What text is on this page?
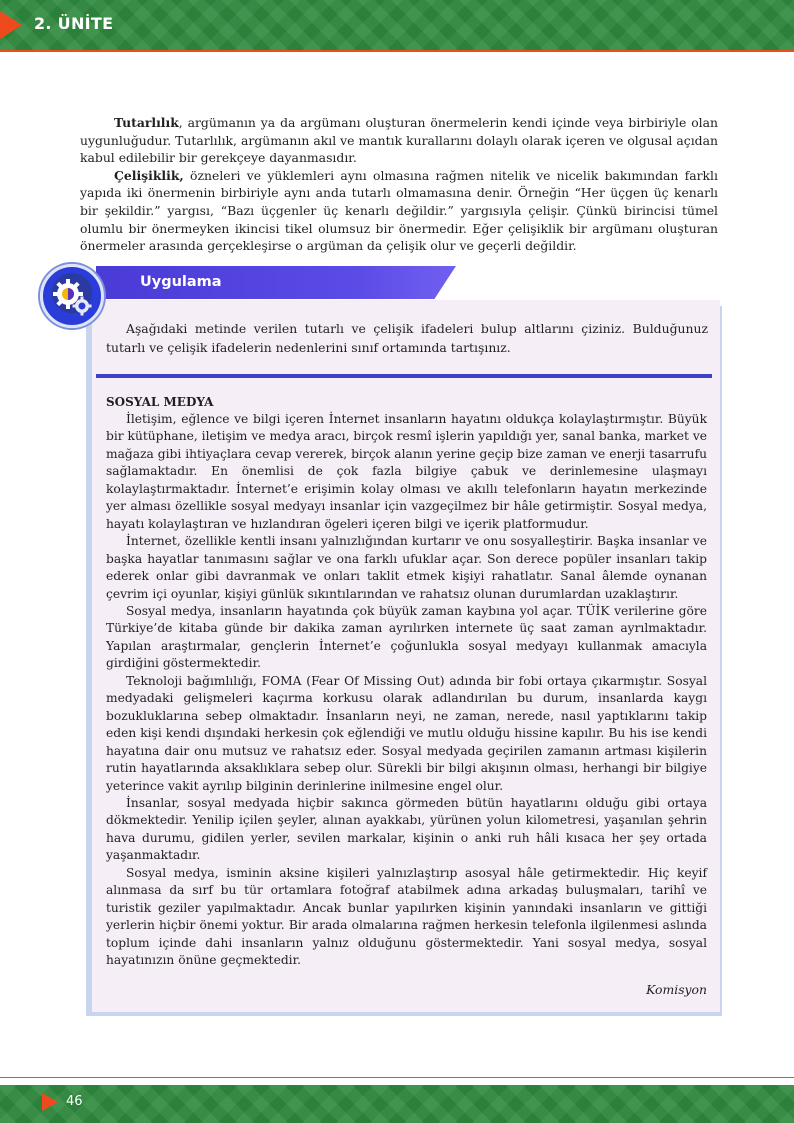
2. ÜNİTE

Tutarlılık, argümanın ya da argümanı oluşturan önermelerin kendi içinde veya birbiriyle olan uygunluğudur. Tutarlılık, argümanın akıl ve mantık kurallarını dolaylı olarak içeren ve olgusal açıdan kabul edilebilir bir gerekçeye dayanmasıdır.

Çelişiklik, özneleri ve yüklemleri aynı olmasına rağmen nitelik ve nicelik bakımından farklı yapıda iki önermenin birbiriyle aynı anda tutarlı olmamasına denir. Örneğin “Her üçgen üç kenarlı bir şekildir.” yargısı, “Bazı üçgenler üç kenarlı değildir.” yargısıyla çelişir. Çünkü birincisi tümel olumlu bir önermeyken ikincisi tikel olumsuz bir önermedir. Eğer çelişiklik bir argümanı oluşturan önermeler arasında gerçekleşirse o argüman da çelişik olur ve geçerli değildir.

Uygulama

Aşağıdaki metinde verilen tutarlı ve çelişik ifadeleri bulup altlarını çiziniz. Bulduğunuz tutarlı ve çelişik ifadelerin nedenlerini sınıf ortamında tartışınız.

SOSYAL MEDYA

İletişim, eğlence ve bilgi içeren İnternet insanların hayatını oldukça kolaylaştırmıştır. Büyük bir kütüphane, iletişim ve medya aracı, birçok resmî işlerin yapıldığı yer, sanal banka, market ve mağaza gibi ihtiyaçlara cevap vererek, birçok alanın yerine geçip bize zaman ve enerji tasarrufu sağlamaktadır. En önemlisi de çok fazla bilgiye çabuk ve derinlemesine ulaşmayı kolaylaştırmaktadır. İnternet’e erişimin kolay olması ve akıllı telefonların hayatın merkezinde yer alması özellikle sosyal medyayı insanlar için vazgeçilmez bir hâle getirmiştir. Sosyal medya, hayatı kolaylaştıran ve hızlandıran ögeleri içeren bilgi ve içerik platformudur.

İnternet, özellikle kentli insanı yalnızlığından kurtarır ve onu sosyalleştirir. Başka insanlar ve başka hayatlar tanımasını sağlar ve ona farklı ufuklar açar. Son derece popüler insanları takip ederek onlar gibi davranmak ve onları taklit etmek kişiyi rahatlatır. Sanal âlemde oynanan çevrim içi oyunlar, kişiyi günlük sıkıntılarından ve rahatsız olunan durumlardan uzaklaştırır.

Sosyal medya, insanların hayatında çok büyük zaman kaybına yol açar. TÜİK verilerine göre Türkiye’de kitaba günde bir dakika zaman ayrılırken internete üç saat zaman ayrılmaktadır. Yapılan araştırmalar, gençlerin İnternet’e çoğunlukla sosyal medyayı kullanmak amacıyla girdiğini göstermektedir.

Teknoloji bağımlılığı, FOMA (Fear Of Missing Out) adında bir fobi ortaya çıkarmıştır. Sosyal medyadaki gelişmeleri kaçırma korkusu olarak adlandırılan bu durum, insanlarda kaygı bozukluklarına sebep olmaktadır. İnsanların neyi, ne zaman, nerede, nasıl yaptıklarını takip eden kişi kendi dışındaki herkesin çok eğlendiği ve mutlu olduğu hissine kapılır. Bu his ise kendi hayatına dair onu mutsuz ve rahatsız eder. Sosyal medyada geçirilen zamanın artması kişilerin rutin hayatlarında aksaklıklara sebep olur. Sürekli bir bilgi akışının olması, herhangi bir bilgiye yeterince vakit ayrılıp bilginin derinlerine inilmesine engel olur.

İnsanlar, sosyal medyada hiçbir sakınca görmeden bütün hayatlarını olduğu gibi ortaya dökmektedir. Yenilip içilen şeyler, alınan ayakkabı, yürünen yolun kilometresi, yaşanılan şehrin hava durumu, gidilen yerler, sevilen markalar, kişinin o anki ruh hâli kısaca her şey ortada yaşanmaktadır.

Sosyal medya, isminin aksine kişileri yalnızlaştırıp asosyal hâle getirmektedir. Hiç keyif alınmasa da sırf bu tür ortamlara fotoğraf atabilmek adına arkadaş buluşmaları, tarihî ve turistik geziler yapılmaktadır. Ancak bunlar yapılırken kişinin yanındaki insanların ve gittiği yerlerin hiçbir önemi yoktur. Bir arada olmalarına rağmen herkesin telefonla ilgilenmesi aslında toplum içinde dahi insanların yalnız olduğunu göstermektedir. Yani sosyal medya, sosyal hayatınızın önüne geçmektedir.

Komisyon
46
